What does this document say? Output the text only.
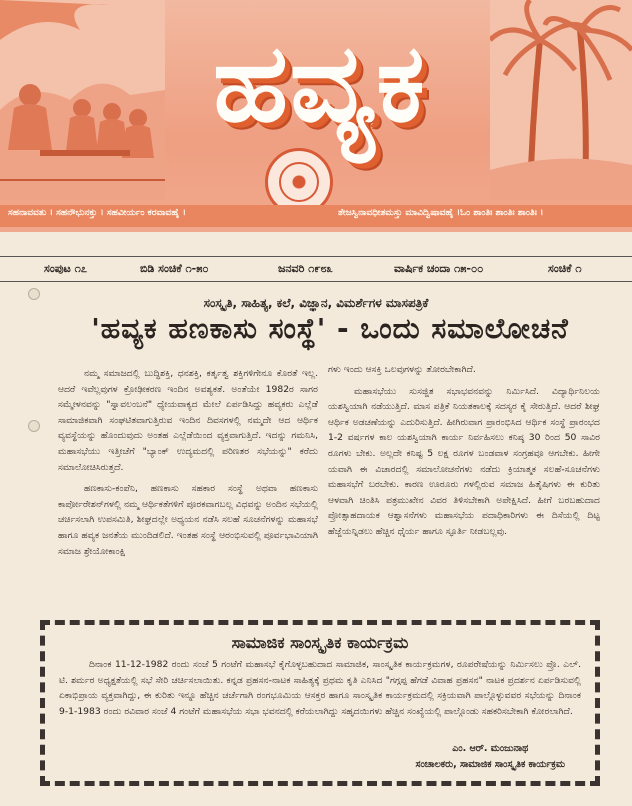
ಹವ್ಯಕ
ಸಹನಾವವತು । ಸಹನೌಭುನಕ್ತು । ಸಹವೀರ್ಯಂ ಕರವಾವಹೈ ।	ತೇಜಸ್ವಿನಾವಧೀತಮಸ್ತು ಮಾವಿದ್ವಿಷಾವಹೈ ।ಓಂ ಶಾಂತಿಃ ಶಾಂತಿಃ ಶಾಂತಿಃ ।
ಸಂಪುಟ ೧೭	ಬಿಡಿ ಸಂಚಿಕೆ ೧-೫೦	ಜನವರಿ ೧೯೮೩	ವಾರ್ಷಿಕ ಚಂದಾ ೧೫-೦೦	ಸಂಚಿಕೆ ೧
ಸಂಸ್ಕೃತಿ, ಸಾಹಿತ್ಯ, ಕಲೆ, ವಿಜ್ಞಾನ, ವಿಮರ್ಶೆಗಳ ಮಾಸಪತ್ರಿಕೆ
'ಹವ್ಯಕ ಹಣಕಾಸು ಸಂಸ್ಥೆ' - ಒಂದು ಸಮಾಲೋಚನೆ

ನಮ್ಮ ಸಮಾಜದಲ್ಲಿ ಬುದ್ಧಿಶಕ್ತಿ, ಧನಶಕ್ತಿ, ಕರ್ತೃತ್ವ ಶಕ್ತಿಗಳಿಗೇನೂ ಕೊರತೆ ಇಲ್ಲ. ಆದರೆ ಇವೆಲ್ಲವುಗಳ ಕ್ರೋಢೀಕರಣ ಇಂದಿನ ಅವಶ್ಯಕತೆ. ಅಂತೆಯೇ 1982ರ ಸಾಗರ ಸಮ್ಮೇಳನವನ್ನು "ಸ್ವಾವಲಂಬನೆ" ಧ್ಯೇಯವಾಕ್ಯದ ಮೇಲೆ ಏರ್ಪಡಿಸಿದ್ದು ಹವ್ಯಕರು ಎಲ್ಲೆಡೆ ಸಾಮಾಜಿಕವಾಗಿ ಸಂಘಟಿತವಾಗುತ್ತಿರುವ ಇಂದಿನ ದಿವಸಗಳಲ್ಲಿ ನಮ್ಮದೇ ಆದ ಆರ್ಥಿಕ ವ್ಯವಸ್ಥೆಯನ್ನು ಹೊಂದುವುದು ಅಂತಹ ಎಲ್ಲೆಡೆಯಿಂದ ವ್ಯಕ್ತವಾಗುತ್ತಿದೆ. ಇದನ್ನು ಗಮನಿಸಿ, ಮಹಾಸಭೆಯು ಇತ್ತೀಚೆಗೆ "ಬ್ಯಾಂಕ್ ಉದ್ಯಮದಲ್ಲಿ ಪರಿಣತರ ಸಭೆಯನ್ನು" ಕರೆದು ಸಮಾಲೋಚಿಸಿರುತ್ತದೆ.

ಹಣಕಾಸು-ಕಂಪೆನಿ, ಹಣಕಾಸು ಸಹಕಾರ ಸಂಸ್ಥೆ ಅಥವಾ ಹಣಕಾಸು ಕಾರ್ಪೋರೇಶನ್‌ಗಳಲ್ಲಿ ನಮ್ಮ ಆರ್ಥಿಕತೆಗಳಿಗೆ ಪೂರಕವಾಗಬಲ್ಲ ವಿಧವನ್ನು ಅಂದಿನ ಸಭೆಯಲ್ಲಿ ಚರ್ಚಿಸಲಾಗಿ ಉಪಸಮಿತಿ, ಶೀಘ್ರದಲ್ಲೇ ಅಧ್ಯಯನ ನಡೆಸಿ ಸಲಹೆ ಸೂಚನೆಗಳನ್ನು ಮಹಾಸಭೆ ಹಾಗೂ ಹವ್ಯಕ ಜನತೆಯ ಮುಂದಿಡಲಿದೆ. ಇಂತಹ ಸಂಸ್ಥೆ ಆರಂಭಿಸುವಲ್ಲಿ ಪೂರ್ವಭಾವಿಯಾಗಿ ಸಮಾಜ ಶ್ರೇಯೋಕಾಂಕ್ಷಿ

ಗಳು ಇಂದು ಆಸಕ್ತಿ ಒಲವುಗಳನ್ನು ತೋರಬೇಕಾಗಿದೆ.

ಮಹಾಸಭೆಯು ಸುಸಜ್ಜಿತ ಸಭಾಭವನವನ್ನು ನಿರ್ಮಿಸಿದೆ. ವಿದ್ಯಾರ್ಥಿನಿಲಯ ಯಶಸ್ವಿಯಾಗಿ ನಡೆಯುತ್ತಿದೆ. ಮಾಸ ಪತ್ರಿಕೆ ನಿಯತಕಾಲಕ್ಕೆ ಸದಸ್ಯರ ಕೈ ಸೇರುತ್ತಿದೆ. ಆದರೆ ಶೀಘ್ರ ಆರ್ಥಿಕ ಅಡಚಣೆಯನ್ನು ಎದುರಿಸುತ್ತಿದೆ. ಹೀಗಿರುವಾಗ ಪ್ರಾರಂಭಿಸಿದ ಆರ್ಥಿಕ ಸಂಸ್ಥೆ ಪ್ರಾರಂಭದ 1-2 ವರ್ಷಗಳ ಕಾಲ ಯಶಸ್ವಿಯಾಗಿ ಕಾರ್ಯ ನಿರ್ವಹಿಸಲು ಕನಿಷ್ಠ 30 ರಿಂದ 50 ಸಾವಿರ ರೂಗಳು ಬೇಕು. ಅಲ್ಲದೇ ಕನಿಷ್ಟ 5 ಲಕ್ಷ ರೂಗಳ ಬಂಡವಾಳ ಸಂಗ್ರಹವೂ ಆಗಬೇಕು. ಹೀಗೇ ಯವಾಗಿ ಈ ವಿಚಾರದಲ್ಲಿ ಸಮಾಲೋಚನೆಗಳು ನಡೆದು ಕ್ರಿಯಾತ್ಮಕ ಸಲಹೆ-ಸೂಚನೆಗಳು ಮಹಾಸಭೆಗೆ ಬರಬೇಕು. ಕಾರಣ ಊರೂರು ಗಳಲ್ಲಿರುವ ಸಮಾಜ ಹಿತೈಷಿಗಳು ಈ ಕುರಿತು ಆಳವಾಗಿ ಚಿಂತಿಸಿ ಪತ್ರಮುಖೇನ ವಿವರ ತಿಳಿಸಬೇಕಾಗಿ ಅಪೇಕ್ಷಿಸಿದೆ. ಹೀಗೆ ಬರಬಹುದಾದ ಪ್ರೋತ್ಸಾಹದಾಯಕ ಆಶ್ವಾಸನೆಗಳು ಮಹಾಸಭೆಯ ಪದಾಧಿಕಾರಿಗಳು ಈ ದಿಸೆಯಲ್ಲಿ ದಿಟ್ಟ ಹೆಜ್ಜೆಯನ್ನಿಡಲು ಹೆಚ್ಚಿನ ಧೈರ್ಯ ಹಾಗೂ ಸ್ಫೂರ್ತಿ ನೀಡಬಲ್ಲವು.

ಸಾಮಾಜಿಕ ಸಾಂಸ್ಕೃತಿಕ ಕಾರ್ಯಕ್ರಮ

ದಿನಾಂಕ 11-12-1982 ರಂದು ಸಂಜೆ 5 ಗಂಟೆಗೆ ಮಹಾಸಭೆ ಕೈಗೊಳ್ಳಬಹುದಾದ ಸಾಮಾಜಿಕ, ಸಾಂಸ್ಕೃತಿಕ ಕಾರ್ಯಕ್ರಮಗಳ, ರೂಪರೇಷೆಯನ್ನು ನಿರ್ಮಿಸಲು ಪ್ರೊ. ಎಲ್. ಟಿ. ಶರ್ಮರ ಅಧ್ಯಕ್ಷತೆಯಲ್ಲಿ ಸಭೆ ಸೇರಿ ಚರ್ಚಿಸಲಾಯಿತು. ಕನ್ನಡ ಪ್ರಹಸನ-ನಾಟಕ ಸಾಹಿತ್ಯಕ್ಕೆ ಪ್ರಥಮ ಕೃತಿ ಎನಿಸಿದ "ಗಗ್ಗಪ್ಪ ಹೆಗಡೆ ವಿವಾಹ ಪ್ರಹಸನ" ನಾಟಕ ಪ್ರದರ್ಶನ ಏರ್ಪಡಿಸುವಲ್ಲಿ ಏಕಾಭಿಪ್ರಾಯ ವ್ಯಕ್ತವಾಗಿದ್ದು, ಈ ಕುರಿತು ಇನ್ನೂ ಹೆಚ್ಚಿನ ಚರ್ಚೆಗಾಗಿ ರಂಗಭೂಮಿಯ ಆಸಕ್ತರ ಹಾಗೂ ಸಾಂಸ್ಕೃತಿಕ ಕಾರ್ಯಕ್ರಮದಲ್ಲಿ ಸಕ್ರಿಯವಾಗಿ ಪಾಲ್ಗೊಳ್ಳುವವರ ಸಭೆಯನ್ನು ದಿನಾಂಕ 9-1-1983 ರಂದು ರವಿವಾರ ಸಂಜೆ 4 ಗಂಟೆಗೆ ಮಹಾಸಭೆಯ ಸಭಾ ಭವನದಲ್ಲಿ ಕರೆಯಲಾಗಿದ್ದು ಸಹೃದಯಿಗಳು ಹೆಚ್ಚಿನ ಸಂಖ್ಯೆಯಲ್ಲಿ ಪಾಲ್ಗೊಂಡು ಸಹಕರಿಸಬೇಕಾಗಿ ಕೋರಲಾಗಿದೆ.

ಎಂ. ಆರ್. ಮಂಜುನಾಥ
ಸಂಚಾಲಕರು, ಸಾಮಾಜಿಕ ಸಾಂಸ್ಕೃತಿಕ ಕಾರ್ಯಕ್ರಮ
